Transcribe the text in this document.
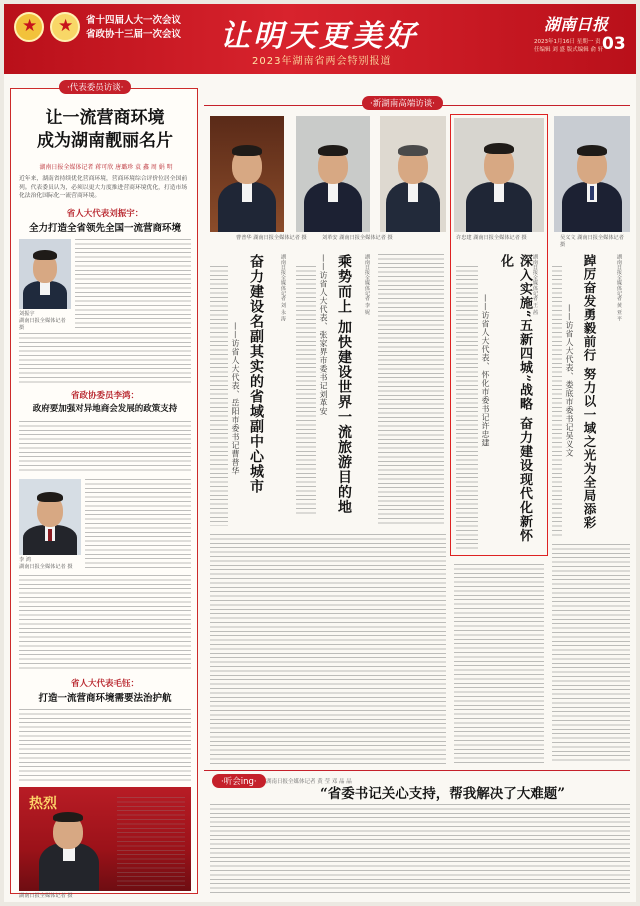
★
★
省十四届人大一次会议
省政协十三届一次会议 让明天更美好
2023年湖南省两会特别报道
湖南日报
2023年1月16日 星期一 责任编辑 刘 盛 版式编辑 俞 轩
03
·代表委员访谈·
让一流营商环境
成为湖南靓丽名片
湖南日报全媒体记者 蒋可欣 唐璐珍 袁 鑫 周 娟 明
近年来，湖南省持续优化营商环境，营商环境综合评价位居全国前列。代表委员认为，必须以更大力度推进营商环境优化，打造市场化法治化国际化一流营商环境。
省人大代表刘振宇：
全力打造全省领先全国一流营商环境
刘振宇
湖南日报全媒体记者 摄
省政协委员李鸿：
政府要加强对异地商会发展的政策支持
李 鸿
湖南日报全媒体记者 摄
省人大代表毛钰：
打造一流营商环境需要法治护航
热烈
湖南日报全媒体记者 摄
·新湖南高端访谈·
曹普华 湖南日报全媒体记者 摄	刘革安 湖南日报全媒体记者 摄	许忠建 湖南日报全媒体记者 摄	吴义文 湖南日报全媒体记者 摄
湖南日报全媒体记者 刘 永 涛
奋力建设名副其实的省域副中心城市
——访省人大代表、岳阳市委书记曹普华
湖南日报全媒体记者 李 妮
乘势而上 加快建设世界一流旅游目的地
——访省人大代表、张家界市委书记刘革安	湖南日报全媒体记者 王 茜
深入实施“五新四城”战略 奋力建设现代化新怀化
——访省人大代表、怀化市委书记许忠建
湖南日报全媒体记者 黄 亚 平
踔厉奋发勇毅前行 努力以一域之光为全局添彩
——访省人大代表、娄底市委书记吴义文
·听会ing·	湖南日报全媒体记者 黄 莹 邓 晶 晶
“省委书记关心支持，帮我解决了大难题”
